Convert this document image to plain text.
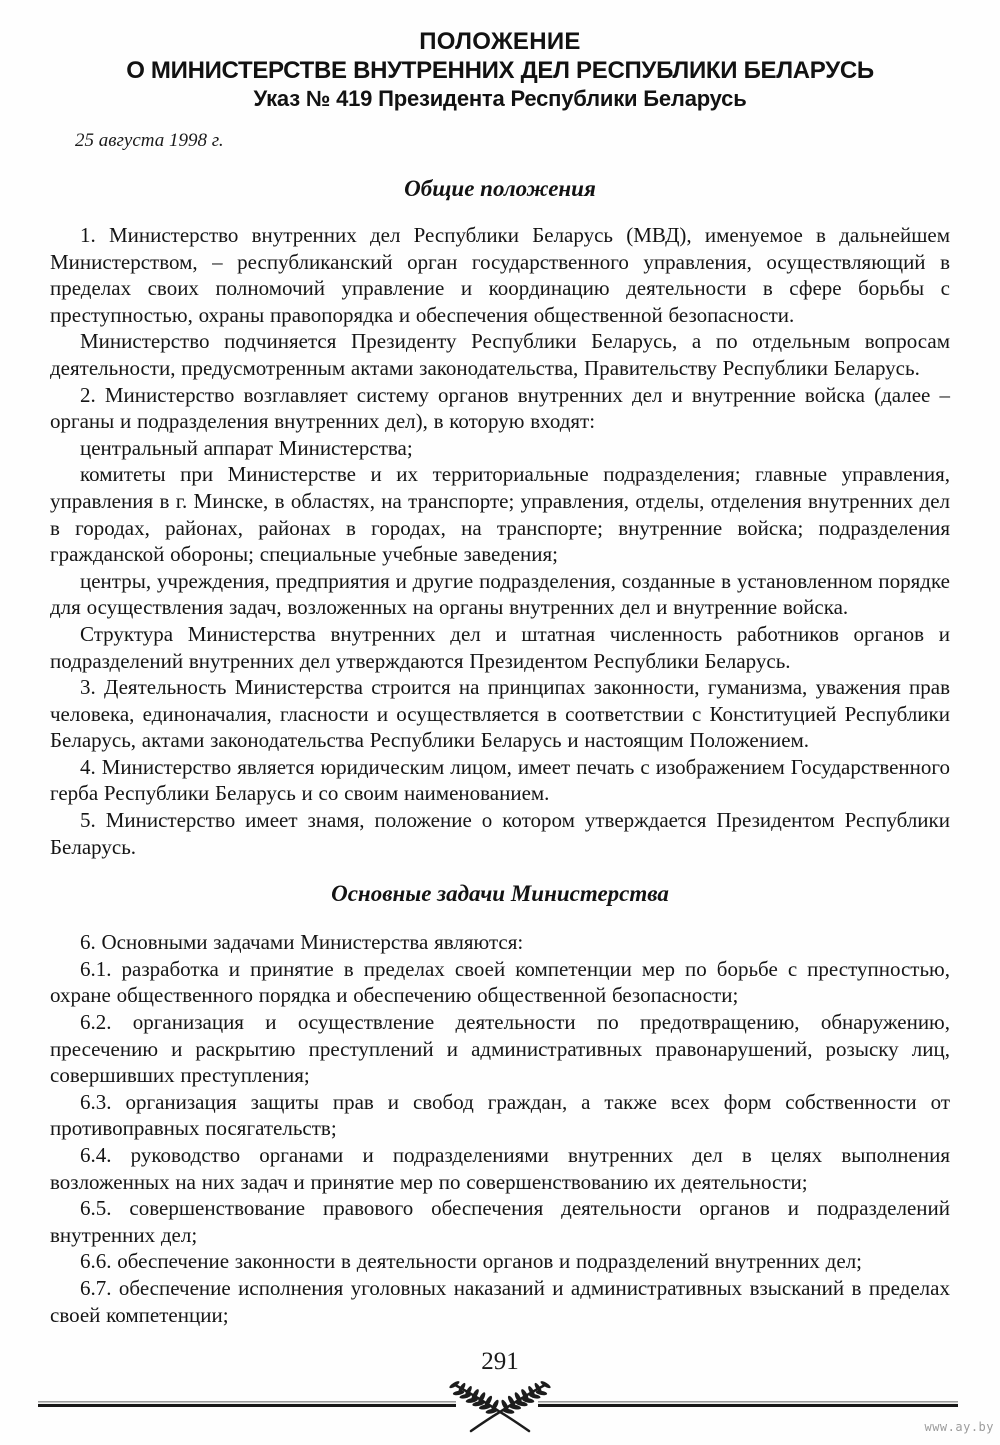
ПОЛОЖЕНИЕ
О МИНИСТЕРСТВЕ ВНУТРЕННИХ ДЕЛ РЕСПУБЛИКИ БЕЛАРУСЬ
Указ № 419 Президента Республики Беларусь
25 августа 1998 г.
Общие положения

1. Министерство внутренних дел Республики Беларусь (МВД), именуемое в дальнейшем Министерством, – республиканский орган государственного управления, осуществляющий в пределах своих полномочий управление и координацию деятельности в сфере борьбы с преступностью, охраны правопорядка и обеспечения общественной безопасности.

Министерство подчиняется Президенту Республики Беларусь, а по отдельным вопросам деятельности, предусмотренным актами законодательства, Правительству Республики Беларусь.

2. Министерство возглавляет систему органов внутренних дел и внутренние войска (далее – органы и подразделения внутренних дел), в которую входят:

центральный аппарат Министерства;

комитеты при Министерстве и их территориальные подразделения; главные управления, управления в г. Минске, в областях, на транспорте; управления, отделы, отделения внутренних дел в городах, районах, районах в городах, на транспорте; внутренние войска; подразделения гражданской обороны; специальные учебные заведения;

центры, учреждения, предприятия и другие подразделения, созданные в установленном порядке для осуществления задач, возложенных на органы внутренних дел и внутренние войска.

Структура Министерства внутренних дел и штатная численность работников органов и подразделений внутренних дел утверждаются Президентом Республики Беларусь.

3. Деятельность Министерства строится на принципах законности, гуманизма, уважения прав человека, единоначалия, гласности и осуществляется в соответствии с Конституцией Республики Беларусь, актами законодательства Республики Беларусь и настоящим Положением.

4. Министерство является юридическим лицом, имеет печать с изображением Государственного герба Республики Беларусь и со своим наименованием.

5. Министерство имеет знамя, положение о котором утверждается Президентом Республики Беларусь.

Основные задачи Министерства

6. Основными задачами Министерства являются:

6.1. разработка и принятие в пределах своей компетенции мер по борьбе с преступностью, охране общественного порядка и обеспечению общественной безопасности;

6.2. организация и осуществление деятельности по предотвращению, обнаружению, пресечению и раскрытию преступлений и административных правонарушений, розыску лиц, совершивших преступления;

6.3. организация защиты прав и свобод граждан, а также всех форм собственности от противоправных посягательств;

6.4. руководство органами и подразделениями внутренних дел в целях выполнения возложенных на них задач и принятие мер по совершенствованию их деятельности;

6.5. совершенствование правового обеспечения деятельности органов и подразделений внутренних дел;

6.6. обеспечение законности в деятельности органов и подразделений внутренних дел;

6.7. обеспечение исполнения уголовных наказаний и административных взысканий в пределах своей компетенции;

291
www.ay.by
